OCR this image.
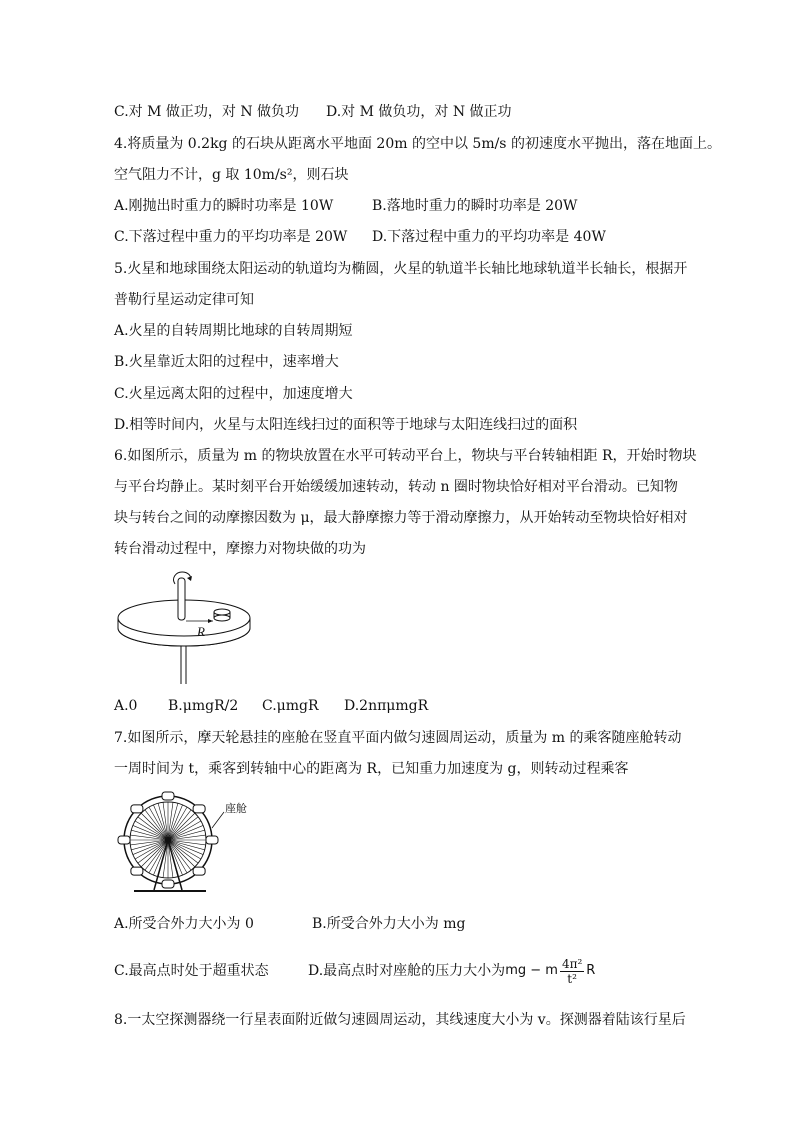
C.对 M 做正功，对 N 做负功 D.对 M 做负功，对 N 做正功
4.将质量为 0.2kg 的石块从距离水平地面 20m 的空中以 5m/s 的初速度水平抛出，落在地面上。
空气阻力不计，g 取 10m/s²，则石块
A.刚抛出时重力的瞬时功率是 10W	B.落地时重力的瞬时功率是 20W
C.下落过程中重力的平均功率是 20W D.下落过程中重力的平均功率是 40W
5.火星和地球围绕太阳运动的轨道均为椭圆，火星的轨道半长轴比地球轨道半长轴长，根据开
普勒行星运动定律可知
A.火星的自转周期比地球的自转周期短
B.火星靠近太阳的过程中，速率增大
C.火星远离太阳的过程中，加速度增大
D.相等时间内，火星与太阳连线扫过的面积等于地球与太阳连线扫过的面积
6.如图所示，质量为 m 的物块放置在水平可转动平台上，物块与平台转轴相距 R，开始时物块
与平台均静止。某时刻平台开始缓缓加速转动，转动 n 圈时物块恰好相对平台滑动。已知物
块与转台之间的动摩擦因数为 μ，最大静摩擦力等于滑动摩擦力，从开始转动至物块恰好相对
转台滑动过程中，摩擦力对物块做的功为
R
A.0 B.μmgR/2 C.μmgR D.2nπμmgR
7.如图所示，摩天轮悬挂的座舱在竖直平面内做匀速圆周运动，质量为 m 的乘客随座舱转动
一周时间为 t，乘客到转轴中心的距离为 R，已知重力加速度为 g，则转动过程乘客
座舱
A.所受合外力大小为 0	B.所受合外力大小为 mg
C.最高点时处于超重状态	D.最高点时对座舱的压力大小为 mg − m $\frac{\text{4π²}}{\text{t²}}$ R
8.一太空探测器绕一行星表面附近做匀速圆周运动，其线速度大小为 v。探测器着陆该行星后
